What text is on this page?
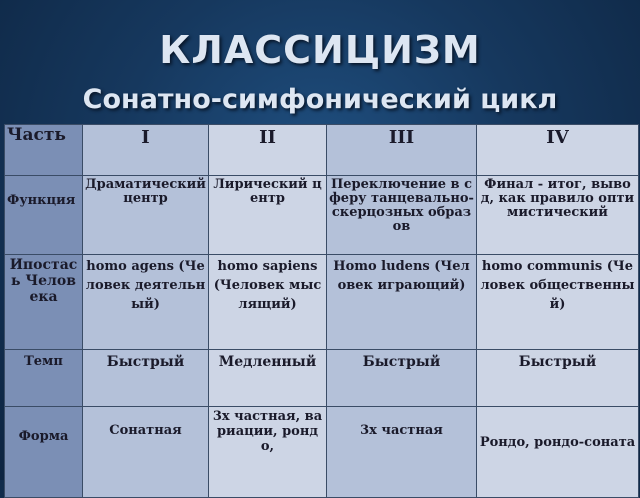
КЛАССИЦИЗМ
Сонатно-симфонический цикл
Часть	I	II	III	IV
Функция	Драматический центр	Лирический центр	Переключение в сферу танцевально-скерцозных образов	Финал - итог, вывод, как правило оптимистический
Ипостась Человека	homo agens (Человек деятельный)	homo sapiens (Человек мыслящий)	Homo ludens (Человек играющий)	homo communis (Человек общественный)
Темп	Быстрый	Медленный	Быстрый	Быстрый
Форма	Сонатная	3х частная, вариации, рондо,	3х частная	Рондо, рондо-соната
